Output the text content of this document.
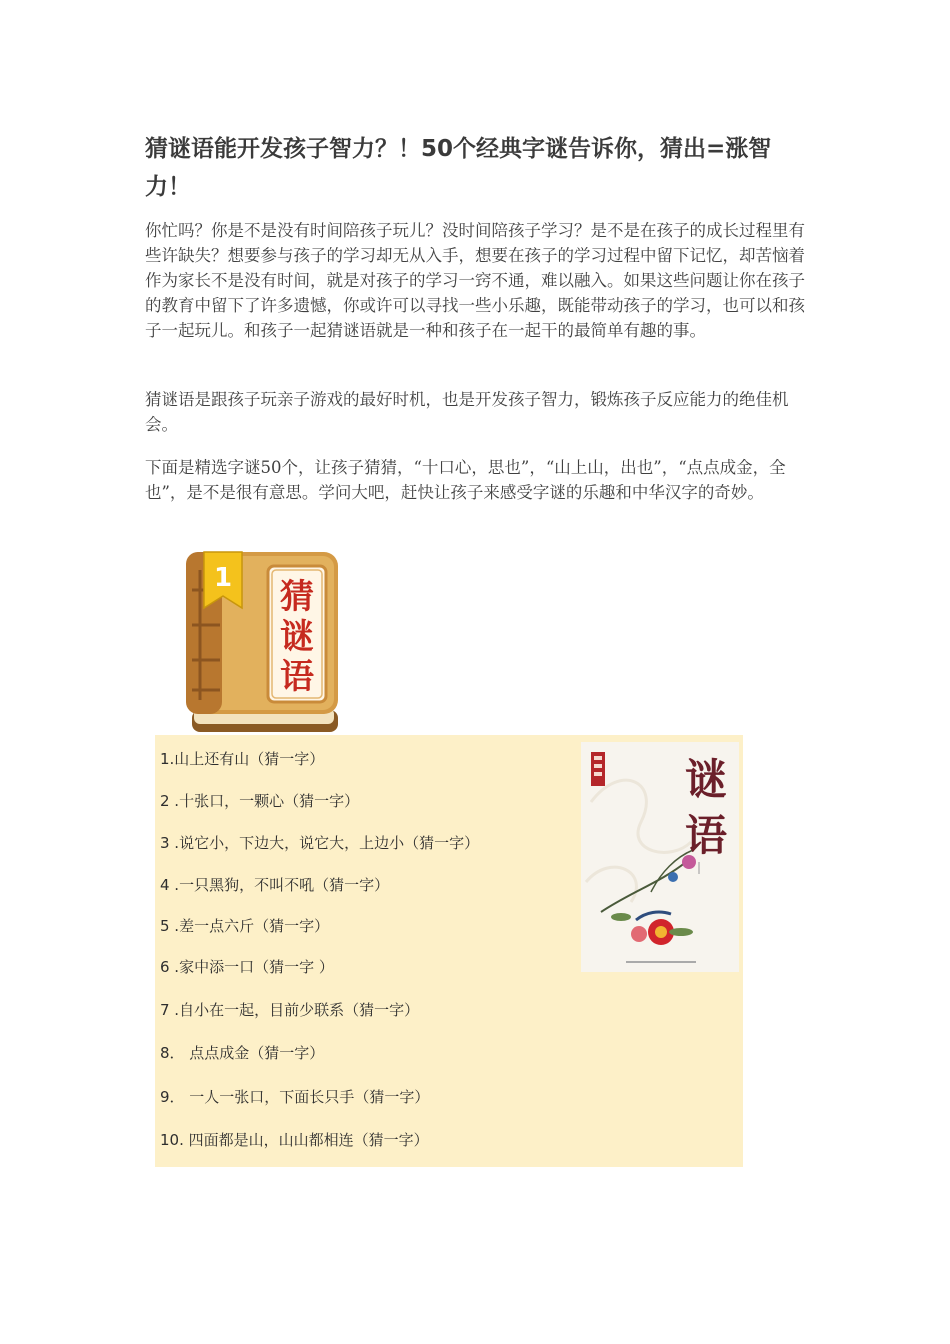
猜谜语能开发孩子智力？！50个经典字谜告诉你，猜出=涨智力！

你忙吗？你是不是没有时间陪孩子玩儿？没时间陪孩子学习？是不是在孩子的成长过程里有些许缺失？想要参与孩子的学习却无从入手，想要在孩子的学习过程中留下记忆，却苦恼着作为家长不是没有时间，就是对孩子的学习一窍不通，难以融入。如果这些问题让你在孩子的教育中留下了许多遗憾，你或许可以寻找一些小乐趣，既能带动孩子的学习，也可以和孩子一起玩儿。和孩子一起猜谜语就是一种和孩子在一起干的最简单有趣的事。

猜谜语是跟孩子玩亲子游戏的最好时机，也是开发孩子智力，锻炼孩子反应能力的绝佳机会。

下面是精选字谜50个，让孩子猜猜，“十口心，思也”，“山上山，出也”，“点点成金，全也”，是不是很有意思。学问大吧，赶快让孩子来感受字谜的乐趣和中华汉字的奇妙。

1 猜
谜
语
1.山上还有山（猜一字）
2 .十张口，一颗心（猜一字）
3 .说它小，下边大，说它大，上边小（猜一字）
4 .一只黑狗，不叫不吼（猜一字）
5 .差一点六斤（猜一字）
6 .家中添一口（猜一字 ）
7 .自小在一起，目前少联系（猜一字）
8． 点点成金（猜一字）
9． 一人一张口，下面长只手（猜一字）
10. 四面都是山，山山都相连（猜一字）
谜
语
